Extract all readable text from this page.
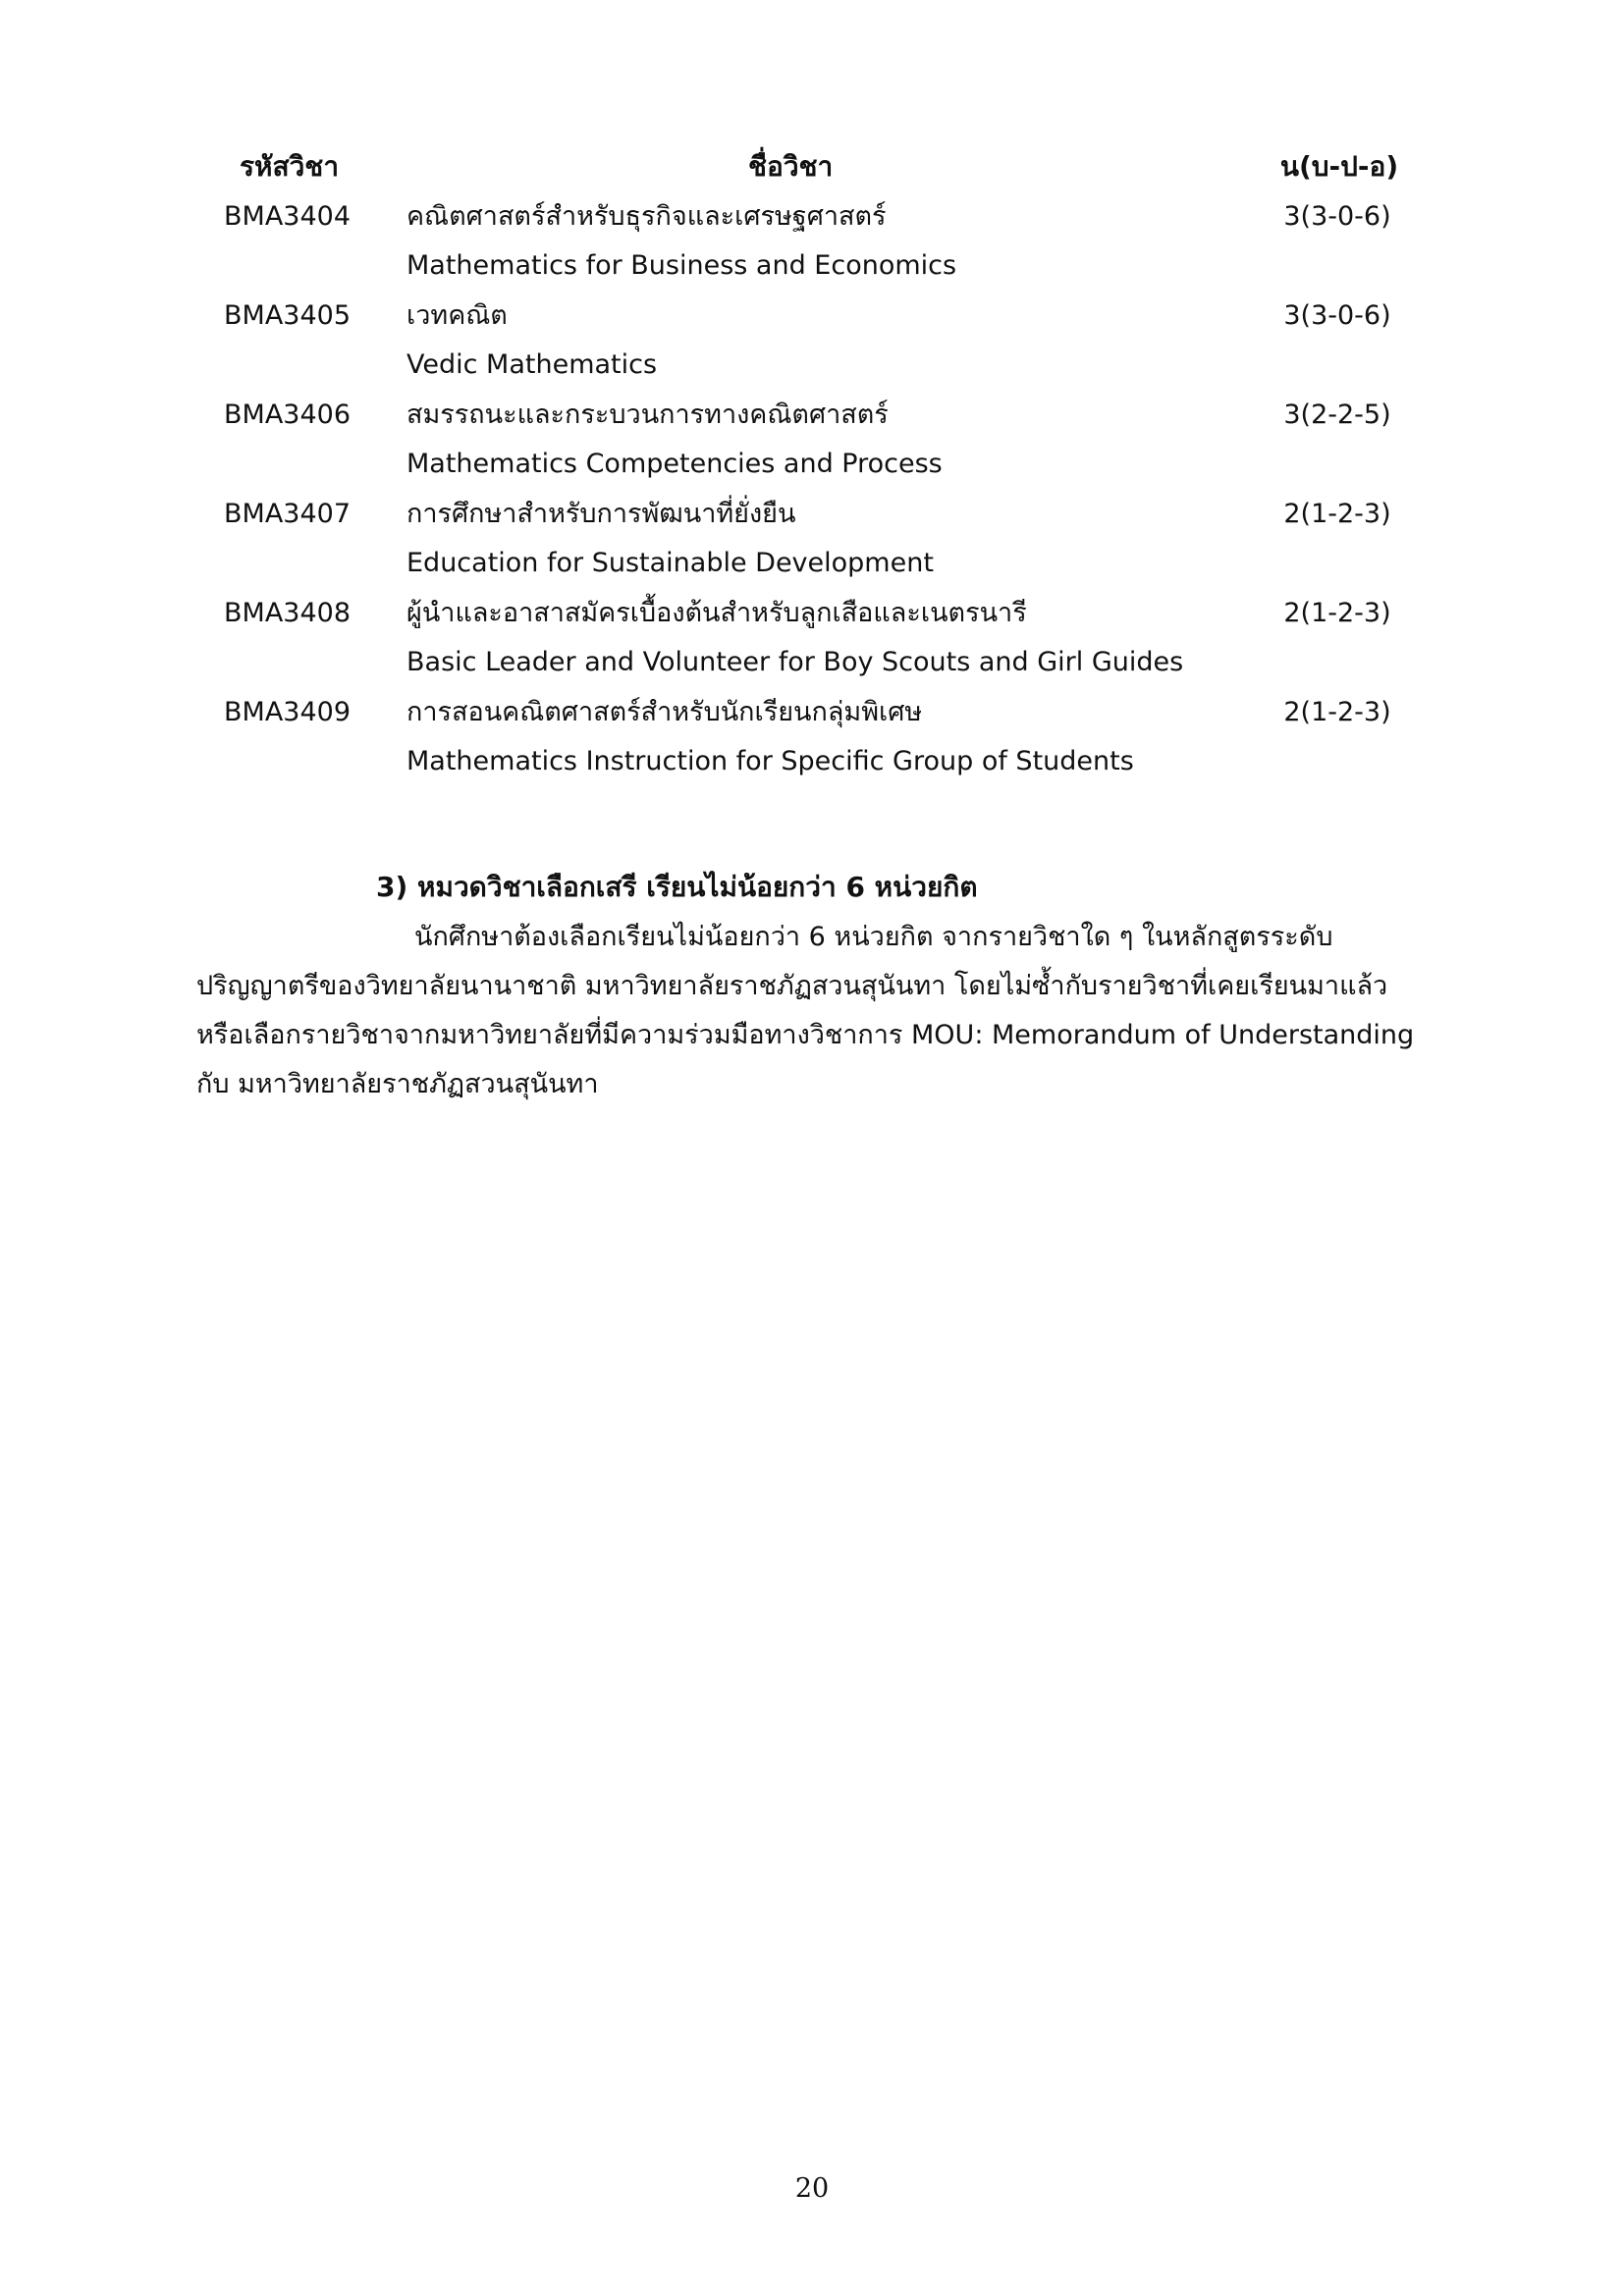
รหัสวิชา	ชื่อวิชา	น(บ-ป-อ)
BMA3404	คณิตศาสตร์สำหรับธุรกิจและเศรษฐศาสตร์	3(3-0-6)
Mathematics for Business and Economics
BMA3405	เวทคณิต	3(3-0-6)
Vedic Mathematics
BMA3406	สมรรถนะและกระบวนการทางคณิตศาสตร์	3(2-2-5)
Mathematics Competencies and Process
BMA3407	การศึกษาสำหรับการพัฒนาที่ยั่งยืน	2(1-2-3)
Education for Sustainable Development
BMA3408	ผู้นำและอาสาสมัครเบื้องต้นสำหรับลูกเสือและเนตรนารี	2(1-2-3)
Basic Leader and Volunteer for Boy Scouts and Girl Guides
BMA3409	การสอนคณิตศาสตร์สำหรับนักเรียนกลุ่มพิเศษ	2(1-2-3)
Mathematics Instruction for Specific Group of Students
3) หมวดวิชาเลือกเสรี เรียนไม่น้อยกว่า 6 หน่วยกิต
นักศึกษาต้องเลือกเรียนไม่น้อยกว่า 6 หน่วยกิต จากรายวิชาใด ๆ ในหลักสูตรระดับ
ปริญญาตรีของวิทยาลัยนานาชาติ มหาวิทยาลัยราชภัฏสวนสุนันทา โดยไม่ซ้ำกับรายวิชาที่เคยเรียนมาแล้ว
หรือเลือกรายวิชาจากมหาวิทยาลัยที่มีความร่วมมือทางวิชาการ MOU: Memorandum of Understanding
กับ มหาวิทยาลัยราชภัฏสวนสุนันทา
20
